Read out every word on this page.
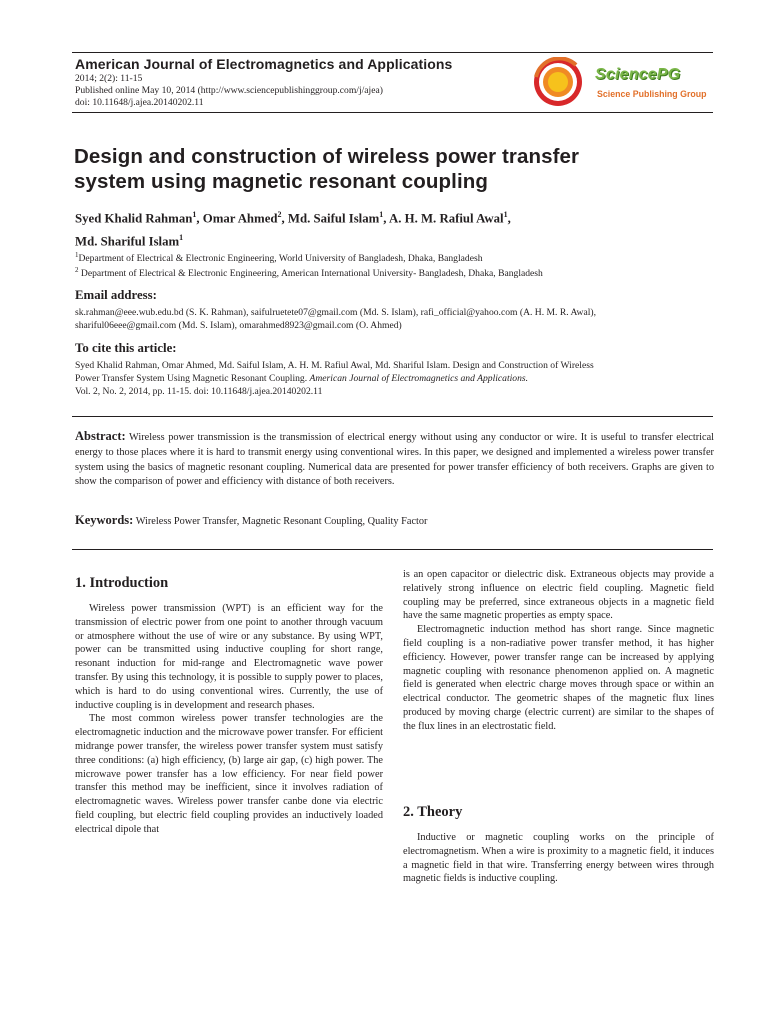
American Journal of Electromagnetics and Applications
2014; 2(2): 11-15
Published online May 10, 2014 (http://www.sciencepublishinggroup.com/j/ajea)
doi: 10.11648/j.ajea.20140202.11
SciencePG
Science Publishing Group
Design and construction of wireless power transfer
system using magnetic resonant coupling
Syed Khalid Rahman$^1$, Omar Ahmed$^2$, Md. Saiful Islam$^1$, A. H. M. Rafiul Awal$^1$,
Md. Shariful Islam$^1$
$^1$Department of Electrical & Electronic Engineering, World University of Bangladesh, Dhaka, Bangladesh
$^2$ Department of Electrical & Electronic Engineering, American International University- Bangladesh, Dhaka, Bangladesh
Email address:
sk.rahman@eee.wub.edu.bd (S. K. Rahman), saifulruetete07@gmail.com (Md. S. Islam), rafi_official@yahoo.com (A. H. M. R. Awal),
shariful06eee@gmail.com (Md. S. Islam), omarahmed8923@gmail.com (O. Ahmed)
To cite this article:
Syed Khalid Rahman, Omar Ahmed, Md. Saiful Islam, A. H. M. Rafiul Awal, Md. Shariful Islam. Design and Construction of Wireless
Power Transfer System Using Magnetic Resonant Coupling. American Journal of Electromagnetics and Applications.
Vol. 2, No. 2, 2014, pp. 11-15. doi: 10.11648/j.ajea.20140202.11
Abstract: Wireless power transmission is the transmission of electrical energy without using any conductor or wire. It is useful to transfer electrical energy to those places where it is hard to transmit energy using conventional wires. In this paper, we designed and implemented a wireless power transfer system using the basics of magnetic resonant coupling. Numerical data are presented for power transfer efficiency of both receivers. Graphs are given to show the comparison of power and efficiency with distance of both receivers.
Keywords: Wireless Power Transfer, Magnetic Resonant Coupling, Quality Factor
1. Introduction

Wireless power transmission (WPT) is an efficient way for the transmission of electric power from one point to another through vacuum or atmosphere without the use of wire or any substance. By using WPT, power can be transmitted using inductive coupling for short range, resonant induction for mid-range and Electromagnetic wave power transfer. By using this technology, it is possible to supply power to places, which is hard to do using conventional wires. Currently, the use of inductive coupling is in development and research phases.

The most common wireless power transfer technologies are the electromagnetic induction and the microwave power transfer. For efficient midrange power transfer, the wireless power transfer system must satisfy three conditions: (a) high efficiency, (b) large air gap, (c) high power. The microwave power transfer has a low efficiency. For near field power transfer this method may be inefficient, since it involves radiation of electromagnetic waves. Wireless power transfer canbe done via electric field coupling, but electric field coupling provides an inductively loaded electrical dipole that

is an open capacitor or dielectric disk. Extraneous objects may provide a relatively strong influence on electric field coupling. Magnetic field coupling may be preferred, since extraneous objects in a magnetic field have the same magnetic properties as empty space.

Electromagnetic induction method has short range. Since magnetic field coupling is a non-radiative power transfer method, it has higher efficiency. However, power transfer range can be increased by applying magnetic coupling with resonance phenomenon applied on. A magnetic field is generated when electric charge moves through space or within an electrical conductor. The geometric shapes of the magnetic flux lines produced by moving charge (electric current) are similar to the shapes of the flux lines in an electrostatic field.

2. Theory

Inductive or magnetic coupling works on the principle of electromagnetism. When a wire is proximity to a magnetic field, it induces a magnetic field in that wire. Transferring energy between wires through magnetic fields is inductive coupling.
